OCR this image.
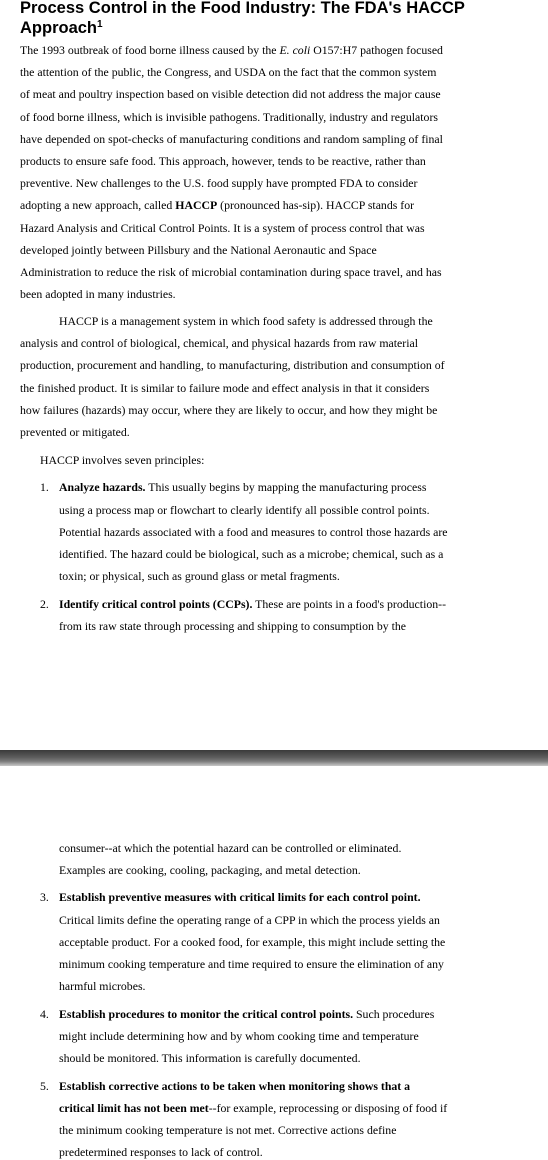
Process Control in the Food Industry: The FDA's HACCP Approach$^1$
The 1993 outbreak of food borne illness caused by the E. coli O157:H7 pathogen focused
the attention of the public, the Congress, and USDA on the fact that the common system
of meat and poultry inspection based on visible detection did not address the major cause
of food borne illness, which is invisible pathogens. Traditionally, industry and regulators
have depended on spot-checks of manufacturing conditions and random sampling of final
products to ensure safe food. This approach, however, tends to be reactive, rather than
preventive. New challenges to the U.S. food supply have prompted FDA to consider
adopting a new approach, called HACCP (pronounced has-sip). HACCP stands for
Hazard Analysis and Critical Control Points. It is a system of process control that was
developed jointly between Pillsbury and the National Aeronautic and Space
Administration to reduce the risk of microbial contamination during space travel, and has
been adopted in many industries.
HACCP is a management system in which food safety is addressed through the
analysis and control of biological, chemical, and physical hazards from raw material
production, procurement and handling, to manufacturing, distribution and consumption of
the finished product. It is similar to failure mode and effect analysis in that it considers
how failures (hazards) may occur, where they are likely to occur, and how they might be
prevented or mitigated.
HACCP involves seven principles:
1. Analyze hazards. This usually begins by mapping the manufacturing process
using a process map or flowchart to clearly identify all possible control points.
Potential hazards associated with a food and measures to control those hazards are
identified. The hazard could be biological, such as a microbe; chemical, such as a
toxin; or physical, such as ground glass or metal fragments.
2. Identify critical control points (CCPs). These are points in a food's production--
from its raw state through processing and shipping to consumption by the
consumer--at which the potential hazard can be controlled or eliminated.
Examples are cooking, cooling, packaging, and metal detection.
3. Establish preventive measures with critical limits for each control point.
Critical limits define the operating range of a CPP in which the process yields an
acceptable product. For a cooked food, for example, this might include setting the
minimum cooking temperature and time required to ensure the elimination of any
harmful microbes.
4. Establish procedures to monitor the critical control points. Such procedures
might include determining how and by whom cooking time and temperature
should be monitored. This information is carefully documented.
5. Establish corrective actions to be taken when monitoring shows that a
critical limit has not been met--for example, reprocessing or disposing of food if
the minimum cooking temperature is not met. Corrective actions define
predetermined responses to lack of control.
